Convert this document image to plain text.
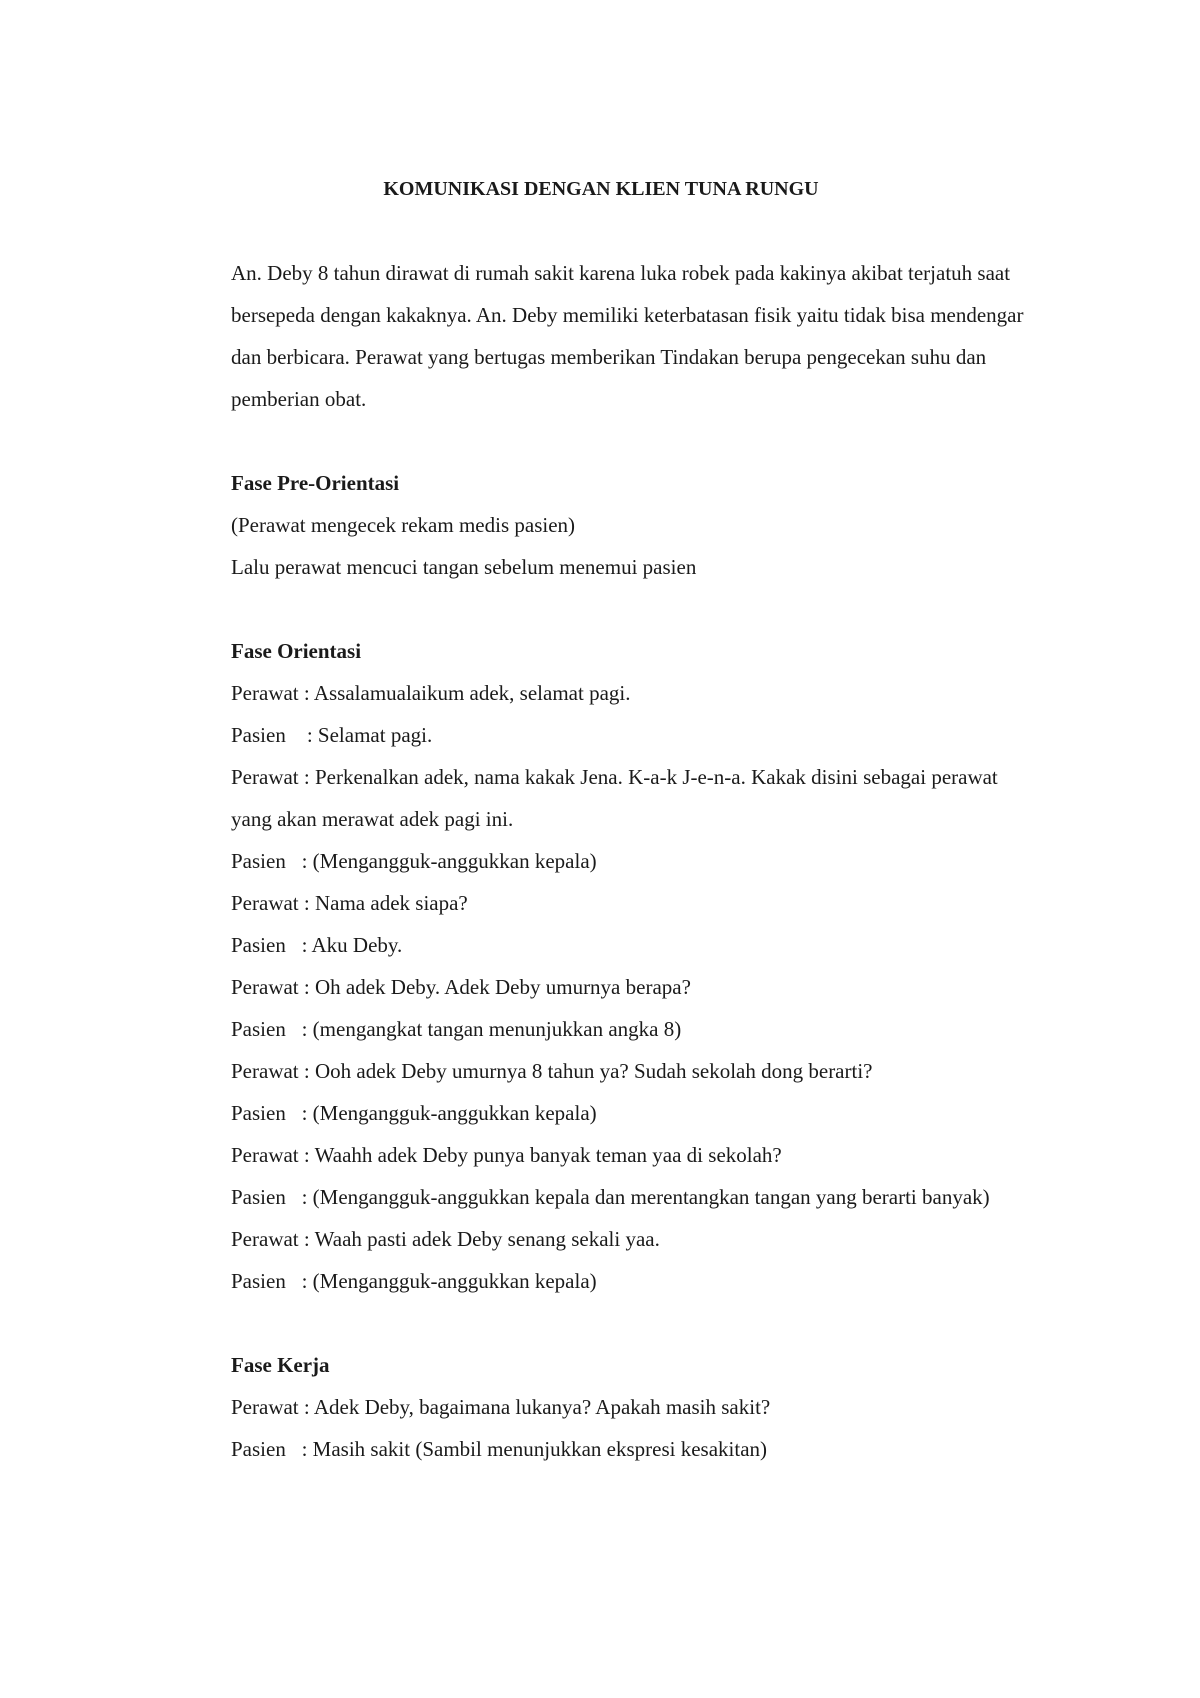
KOMUNIKASI DENGAN KLIEN TUNA RUNGU

An. Deby 8 tahun dirawat di rumah sakit karena luka robek pada kakinya akibat terjatuh saat bersepeda dengan kakaknya. An. Deby memiliki keterbatasan fisik yaitu tidak bisa mendengar dan berbicara. Perawat yang bertugas memberikan Tindakan berupa pengecekan suhu dan pemberian obat.

Fase Pre-Orientasi

(Perawat mengecek rekam medis pasien)

Lalu perawat mencuci tangan sebelum menemui pasien

Fase Orientasi

Perawat : Assalamualaikum adek, selamat pagi.

Pasien    : Selamat pagi.

Perawat : Perkenalkan adek, nama kakak Jena. K-a-k J-e-n-a. Kakak disini sebagai perawat yang akan merawat adek pagi ini.

Pasien   : (Mengangguk-anggukkan kepala)

Perawat : Nama adek siapa?

Pasien   : Aku Deby.

Perawat : Oh adek Deby. Adek Deby umurnya berapa?

Pasien   : (mengangkat tangan menunjukkan angka 8)

Perawat : Ooh adek Deby umurnya 8 tahun ya? Sudah sekolah dong berarti?

Pasien   : (Mengangguk-anggukkan kepala)

Perawat : Waahh adek Deby punya banyak teman yaa di sekolah?

Pasien   : (Mengangguk-anggukkan kepala dan merentangkan tangan yang berarti banyak)

Perawat : Waah pasti adek Deby senang sekali yaa.

Pasien   : (Mengangguk-anggukkan kepala)

Fase Kerja

Perawat : Adek Deby, bagaimana lukanya? Apakah masih sakit?

Pasien   : Masih sakit (Sambil menunjukkan ekspresi kesakitan)
